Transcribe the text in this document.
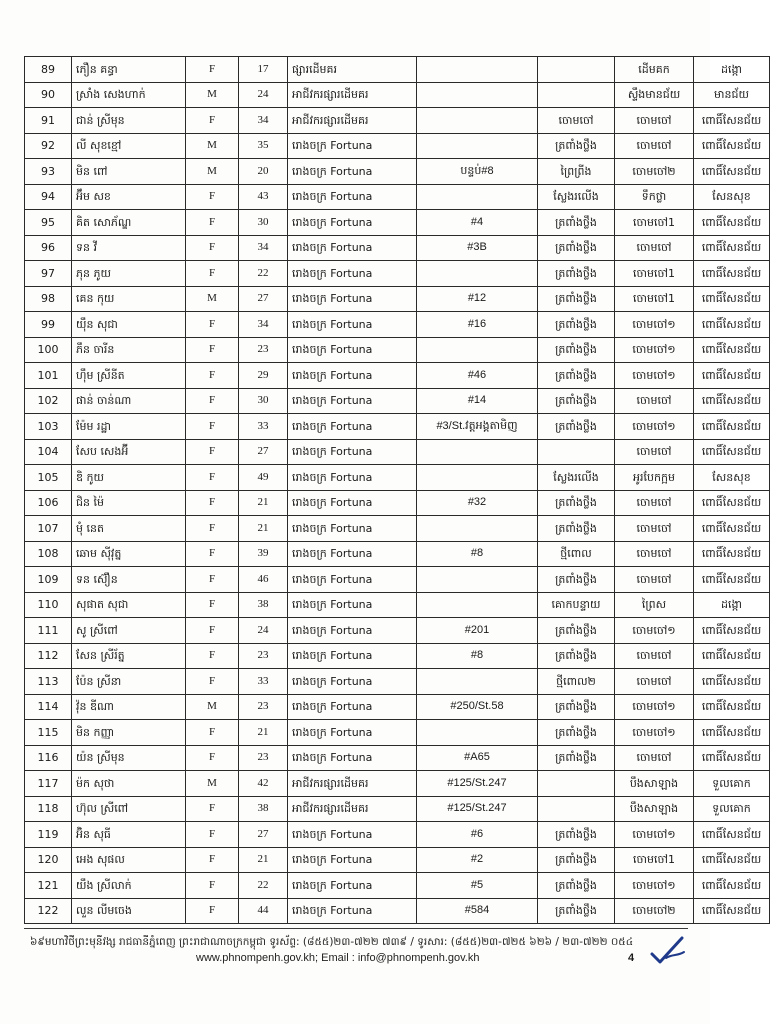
89	ភឿន គន្ធា	F	17	ផ្សារដើមគរ			ដើមគក	ដង្កោ
90	ស្រាំង សេងហាក់	M	24	អាជីវករផ្សារដើមគរ			ស្ទឹងមានជ័យ	មានជ័យ
91	ជាន់ ស្រីមុន	F	34	អាជីវករផ្សារដើមគរ		ចោមចៅ	ចោមចៅ	ពោធិ៍សែនជ័យ
92	លី សុខខ្មៅ	M	35	រោងចក្រ Fortuna		ត្រពាំងថ្លឹង	ចោមចៅ	ពោធិ៍សែនជ័យ
93	មិន ពៅ	M	20	រោងចក្រ Fortuna	បន្ទប់#8	ព្រៃព្រីង	ចោមចៅ២	ពោធិ៍សែនជ័យ
94	អ៊ឹម សខ	F	43	រោងចក្រ Fortuna		ស្លែងរលើង	ទឹកថ្លា	សែនសុខ
95	គិត សោភ័ណ្ឌ	F	30	រោងចក្រ Fortuna	#4	ត្រពាំងថ្លឹង	ចោមចៅ1	ពោធិ៍សែនជ័យ
96	ទន វី	F	34	រោងចក្រ Fortuna	#3B	ត្រពាំងថ្លឹង	ចោមចៅ	ពោធិ៍សែនជ័យ
97	ភុន ភូយ	F	22	រោងចក្រ Fortuna		ត្រពាំងថ្លឹង	ចោមចៅ1	ពោធិ៍សែនជ័យ
98	គេន កុយ	M	27	រោងចក្រ Fortuna	#12	ត្រពាំងថ្លឹង	ចោមចៅ1	ពោធិ៍សែនជ័យ
99	យ៉ឹន សុជា	F	34	រោងចក្រ Fortuna	#16	ត្រពាំងថ្លឹង	ចោមចៅ១	ពោធិ៍សែនជ័យ
100	ភឹន ចារីន	F	23	រោងចក្រ Fortuna		ត្រពាំងថ្លឹង	ចោមចៅ១	ពោធិ៍សែនជ័យ
101	ហ៊ឹម ស្រីនីត	F	29	រោងចក្រ Fortuna	#46	ត្រពាំងថ្លឹង	ចោមចៅ១	ពោធិ៍សែនជ័យ
102	ផាន់ ចាន់ណា	F	30	រោងចក្រ Fortuna	#14	ត្រពាំងថ្លឹង	ចោមចៅ	ពោធិ៍សែនជ័យ
103	ម៉ែម រដ្ឋា	F	33	រោងចក្រ Fortuna	#3/St.វត្តអង្គតាមិញ	ត្រពាំងថ្លឹង	ចោមចៅ១	ពោធិ៍សែនជ័យ
104	សែប សេងអ៊ី	F	27	រោងចក្រ Fortuna			ចោមចៅ	ពោធិ៍សែនជ័យ
105	ឌិ កូយ	F	49	រោងចក្រ Fortuna		ស្លែងរលើង	អូរបែកក្អម	សែនសុខ
106	ជិន ម៉ៃ	F	21	រោងចក្រ Fortuna	#32	ត្រពាំងថ្លឹង	ចោមចៅ	ពោធិ៍សែនជ័យ
107	មុំ នេត	F	21	រោងចក្រ Fortuna		ត្រពាំងថ្លឹង	ចោមចៅ	ពោធិ៍សែនជ័យ
108	ឆោម ស៊ីវុត្ន	F	39	រោងចក្រ Fortuna	#8	ថ្មីពោល	ចោមចៅ	ពោធិ៍សែនជ័យ
109	ទន ស៊ឿន	F	46	រោងចក្រ Fortuna		ត្រពាំងថ្លឹង	ចោមចៅ	ពោធិ៍សែនជ័យ
110	សុផាត សុជា	F	38	រោងចក្រ Fortuna		គោកបន្ទាយ	ព្រៃស	ដង្កោ
111	សូ ស្រីពៅ	F	24	រោងចក្រ Fortuna	#201	ត្រពាំងថ្លឹង	ចោមចៅ១	ពោធិ៍សែនជ័យ
112	សែន ស្រីរ័ត្ន	F	23	រោងចក្រ Fortuna	#8	ត្រពាំងថ្លឹង	ចោមចៅ	ពោធិ៍សែនជ័យ
113	ប៉ែន ស្រីនា	F	33	រោងចក្រ Fortuna		ថ្មីពោល២	ចោមចៅ	ពោធិ៍សែនជ័យ
114	វ៉ុន ឌីណា	M	23	រោងចក្រ Fortuna	#250/St.58	ត្រពាំងថ្លឹង	ចោមចៅ១	ពោធិ៍សែនជ័យ
115	មិន កញ្ញា	F	21	រោងចក្រ Fortuna		ត្រពាំងថ្លឹង	ចោមចៅ១	ពោធិ៍សែនជ័យ
116	យ៉ន ស្រីមុន	F	23	រោងចក្រ Fortuna	#A65	ត្រពាំងថ្លឹង	ចោមចៅ	ពោធិ៍សែនជ័យ
117	ម៉ក សុថា	M	42	អាជីវករផ្សារដើមគរ	#125/St.247		បឹងសាឡាង	ទួលគោក
118	ហ៊ុល ស្រីពៅ	F	38	អាជីវករផ្សារដើមគរ	#125/St.247		បឹងសាឡាង	ទួលគោក
119	អ៊ិន សុធី	F	27	រោងចក្រ Fortuna	#6	ត្រពាំងថ្លឹង	ចោមចៅ១	ពោធិ៍សែនជ័យ
120	អេង សុផល	F	21	រោងចក្រ Fortuna	#2	ត្រពាំងថ្លឹង	ចោមចៅ1	ពោធិ៍សែនជ័យ
121	យឹង ស្រីលាក់	F	22	រោងចក្រ Fortuna	#5	ត្រពាំងថ្លឹង	ចោមចៅ១	ពោធិ៍សែនជ័យ
122	លួន លីមចេង	F	44	រោងចក្រ Fortuna	#584	ត្រពាំងថ្លឹង	ចោមចៅ២	ពោធិ៍សែនជ័យ
៦៩មហាវិថីព្រះមុនីវង្ស រាជធានីភ្នំពេញ ព្រះរាជាណាចក្រកម្ពុជា ទូរស័ព្ទ: (៨៥៥)២៣-៧២២ ៧៣៩ / ទូរសារ: (៨៥៥)២៣-៧២៥ ៦២៦ / ២៣-៧២២ ០៥៤
www.phnompenh.gov.kh; Email : info@phnompenh.gov.kh	4
